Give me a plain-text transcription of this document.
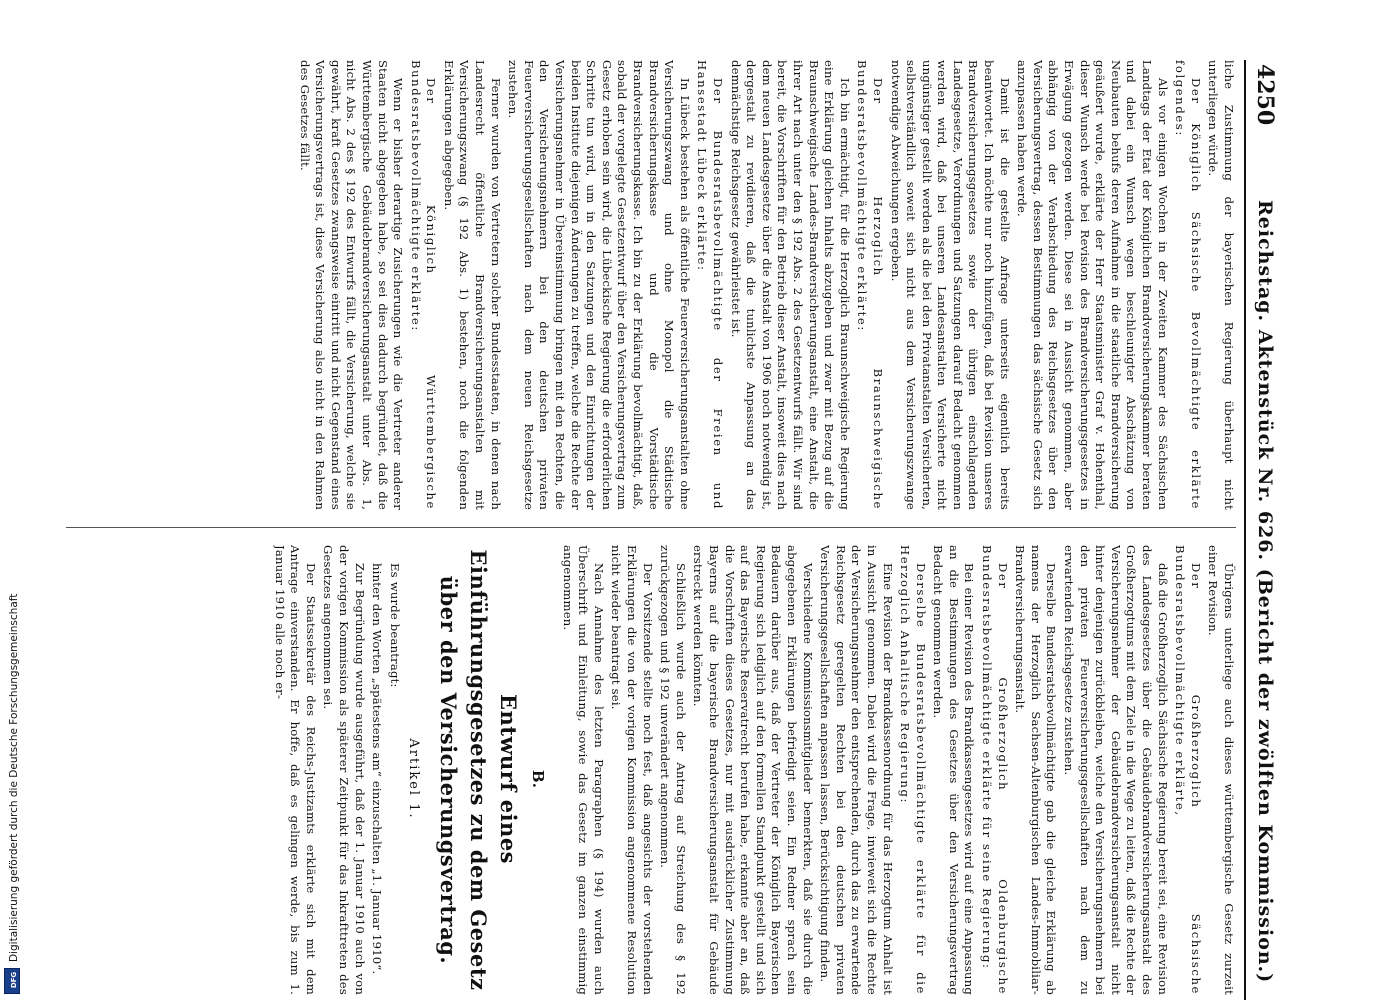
4250
Reichstag. Aktenstück Nr. 626. (Bericht der zwölften Kommission.)

liche Zustimmung der bayerischen Regierung überhaupt nicht unterliegen würde.

Der Königlich Sächsische Bevollmächtigte erklärte folgendes:

Als vor einigen Wochen in der Zweiten Kammer des Sächsischen Landtags der Etat der Königlichen Brandversicherungskammer beraten und dabei ein Wunsch wegen beschleunigter Abschätzung von Neubauten behufs deren Aufnahme in die staatliche Brandversicherung geäußert wurde, erklärte der Herr Staatsminister Graf v. Hohenthal, dieser Wunsch werde bei Revision des Brandversicherungsgesetzes in Erwägung gezogen werden. Diese sei in Aussicht genommen, aber abhängig von der Verabschiedung des Reichsgesetzes über den Versicherungsvertrag, dessen Bestimmungen das sächsische Gesetz sich anzupassen haben werde.

Damit ist die gestellte Anfrage unterseits eigentlich bereits beantwortet. Ich möchte nur noch hinzufügen, daß bei Revision unseres Brandversicherungsgesetzes sowie der übrigen einschlagenden Landesgesetze, Verordnungen und Satzungen darauf Bedacht genommen werden wird, daß bei unseren Landesanstalten Versicherte nicht ungünstiger gestellt werden als die bei den Privatanstalten Versicherten, selbstverständlich soweit sich nicht aus dem Versicherungszwange notwendige Abweichungen ergeben.

Der Herzoglich Braunschweigische Bundesratsbevollmächtigte erklärte:

Ich bin ermächtigt, für die Herzoglich Braunschweigische Regierung eine Erklärung gleichen Inhalts abzugeben und zwar mit Bezug auf die Braunschweigische Landes-Brandversicherungsanstalt, eine Anstalt, die ihrer Art nach unter den § 192 Abs. 2 des Gesetzentwurfs fällt. Wir sind bereit, die Vorschriften für den Betrieb dieser Anstalt, insoweit dies nach dem neuen Landesgesetze über die Anstalt von 1906 noch notwendig ist, dergestalt zu revidieren, daß die tunlichste Anpassung an das demnächstige Reichsgesetz gewährleistet ist.

Der Bundesratsbevollmächtigte der Freien und Hansestadt Lübeck erklärte:

In Lübeck bestehen als öffentliche Feuerversicherungsanstalten ohne Versicherungszwang und ohne Monopol die Städtische Brandversicherungskasse und die Vorstädtische Brandversicherungskasse. Ich bin zu der Erklärung bevollmächtigt, daß, sobald der vorgelegte Gesetzentwurf über den Versicherungsvertrag zum Gesetz erhoben sein wird, die Lübeckische Regierung die erforderlichen Schritte tun wird, um in den Satzungen und den Einrichtungen der beiden Institute diejenigen Änderungen zu treffen, welche die Rechte der Versicherungsnehmer in Übereinstimmung bringen mit den Rechten, die den Versicherungsnehmern bei den deutschen privaten Feuerversicherungsgesellschaften nach dem neuen Reichsgesetze zustehen.

Ferner wurden von Vertretern solcher Bundesstaaten, in denen nach Landesrecht öffentliche Brandversicherungsanstalten mit Versicherungszwang (§ 192 Abs. 1) bestehen, noch die folgenden Erklärungen abgegeben.

Der Königlich Württembergische Bundesratsbevollmächtigte erklärte:

Wenn er bisher derartige Zusicherungen wie die Vertreter anderer Staaten nicht abgegeben habe, so sei dies dadurch begründet, daß die Württembergische Gebäudebrandversicherungsanstalt unter Abs. 1, nicht Abs. 2 des § 192 des Entwurfs fällt, die Versicherung, welche sie gewährt, kraft Gesetzes zwangsweise eintritt und nicht Gegenstand eines Versicherungsvertrags ist, diese Versicherung also nicht in den Rahmen des Gesetzes fällt.

Übrigens unterliege auch dieses württembergische Gesetz zurzeit einer Revision.

Der Großherzoglich Sächsische Bundesratsbevollmächtigte erklärte,

daß die Großherzoglich Sächsische Regierung bereit sei, eine Revision des Landesgesetzes über die Gebäudebrandversicherungsanstalt des Großherzogtums mit dem Ziele in die Wege zu leiten, daß die Rechte der Versicherungsnehmer der Gebäudebrandversicherungsanstalt nicht hinter denjenigen zurückbleiben, welche den Versicherungsnehmern bei den privaten Feuerversicherungsgesellschaften nach dem zu erwartenden Reichsgesetze zustehen.

Derselbe Bundesratsbevollmächtigte gab die gleiche Erklärung ab namens der Herzoglich Sachsen-Altenburgischen Landes-Immobiliar-Brandversicherungsanstalt.

Der Großherzoglich Oldenburgische Bundesratsbevollmächtigte erklärte für seine Regierung:

Bei einer Revision des Brandkassengesetzes wird auf eine Anpassung an die Bestimmungen des Gesetzes über den Versicherungsvertrag Bedacht genommen werden.

Derselbe Bundesratsbevollmächtigte erklärte für die Herzoglich Anhaltische Regierung:

Eine Revision der Brandkassenordnung für das Herzogtum Anhalt ist in Aussicht genommen. Dabei wird die Frage, inwieweit sich die Rechte der Versicherungsnehmer den entsprechenden, durch das zu erwartende Reichsgesetz geregelten Rechten bei den deutschen privaten Versicherungsgesellschaften anpassen lassen, Berücksichtigung finden.

Verschiedene Kommissionsmitglieder bemerkten, daß sie durch die abgegebenen Erklärungen befriedigt seien. Ein Redner sprach sein Bedauern darüber aus, daß der Vertreter der Königlich Bayerischen Regierung sich lediglich auf den formellen Standpunkt gestellt und sich auf das Bayerische Reservatrecht berufen habe, erkannte aber an, daß die Vorschriften dieses Gesetzes, nur mit ausdrücklicher Zustimmung Bayerns auf die bayerische Brandversicherungsanstalt für Gebäude erstreckt werden könnten.

Schließlich wurde auch der Antrag auf Streichung des § 192 zurückgezogen und § 192 unverändert angenommen.

Der Vorsitzende stellte noch fest, daß angesichts der vorstehenden Erklärungen die von der vorigen Kommission angenommene Resolution nicht wieder beantragt sei.

Nach Annahme des letzten Paragraphen (§ 194) wurden auch Überschrift und Einleitung, sowie das Gesetz im ganzen einstimmig angenommen.

B.

Entwurf eines Einführungsgesetzes zu dem Gesetz über den Versicherungsvertrag.

Artikel 1.

Es wurde beantragt:

hinter den Worten „spätestens am“ einzuschalten „1. Januar 1910“.

Zur Begründung wurde ausgeführt, daß der 1. Januar 1910 auch von der vorigen Kommission als späterer Zeitpunkt für das Inkrafttreten des Gesetzes angenommen sei.

Der Staatssekretär des Reichs-Justizamts erklärte sich mit dem Antrage einverstanden. Er hoffe, daß es gelingen werde, bis zum 1. Januar 1910 alle noch er-

Digitalisierung gefördert durch die Deutsche Forschungsgemeinschaft
DFG
